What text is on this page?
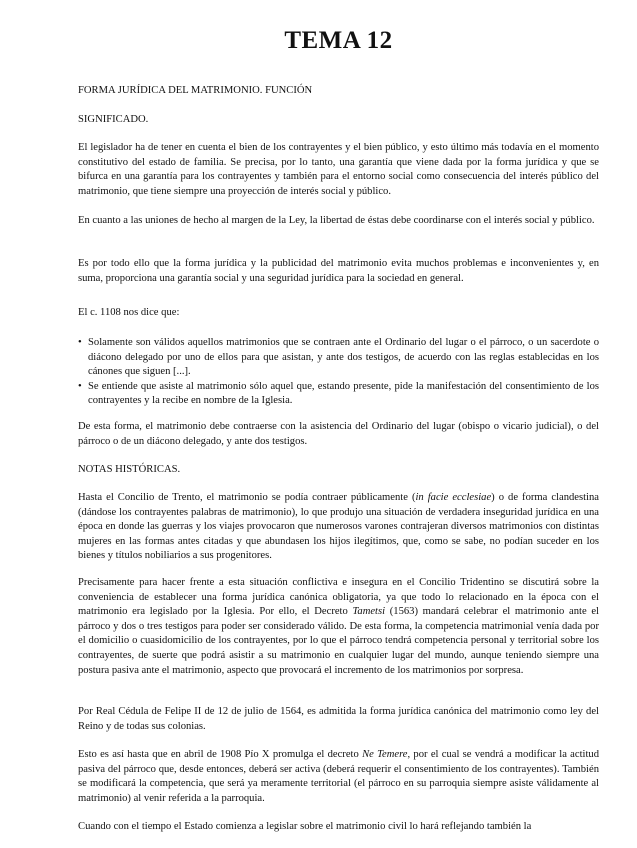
TEMA 12

FORMA JURÍDICA DEL MATRIMONIO. FUNCIÓN

SIGNIFICADO.

El legislador ha de tener en cuenta el bien de los contrayentes y el bien público, y esto último más todavía en el momento constitutivo del estado de familia. Se precisa, por lo tanto, una garantía que viene dada por la forma jurídica y que se bifurca en una garantía para los contrayentes y también para el entorno social como consecuencia del interés público del matrimonio, que tiene siempre una proyección de interés social y público.

En cuanto a las uniones de hecho al margen de la Ley, la libertad de éstas debe coordinarse con el interés social y público.

Es por todo ello que la forma jurídica y la publicidad del matrimonio evita muchos problemas e inconvenientes y, en suma, proporciona una garantía social y una seguridad jurídica para la sociedad en general.

El c. 1108 nos dice que:

• Solamente son válidos aquellos matrimonios que se contraen ante el Ordinario del lugar o el párroco, o un sacerdote o diácono delegado por uno de ellos para que asistan, y ante dos testigos, de acuerdo con las reglas establecidas en los cánones que siguen [...].
• Se entiende que asiste al matrimonio sólo aquel que, estando presente, pide la manifestación del consentimiento de los contrayentes y la recibe en nombre de la Iglesia.

De esta forma, el matrimonio debe contraerse con la asistencia del Ordinario del lugar (obispo o vicario judicial), o del párroco o de un diácono delegado, y ante dos testigos.

NOTAS HISTÓRICAS.

Hasta el Concilio de Trento, el matrimonio se podía contraer públicamente (in facie ecclesiae) o de forma clandestina (dándose los contrayentes palabras de matrimonio), lo que produjo una situación de verdadera inseguridad jurídica en una época en donde las guerras y los viajes provocaron que numerosos varones contrajeran diversos matrimonios con distintas mujeres en las formas antes citadas y que abundasen los hijos ilegítimos, que, como se sabe, no podían suceder en los bienes y títulos nobiliarios a sus progenitores.

Precisamente para hacer frente a esta situación conflictiva e insegura en el Concilio Tridentino se discutirá sobre la conveniencia de establecer una forma jurídica canónica obligatoria, ya que todo lo relacionado en la época con el matrimonio era legislado por la Iglesia. Por ello, el Decreto Tametsi (1563) mandará celebrar el matrimonio ante el párroco y dos o tres testigos para poder ser considerado válido. De esta forma, la competencia matrimonial venía dada por el domicilio o cuasidomicilio de los contrayentes, por lo que el párroco tendrá competencia personal y territorial sobre los contrayentes, de suerte que podrá asistir a su matrimonio en cualquier lugar del mundo, aunque teniendo siempre una postura pasiva ante el matrimonio, aspecto que provocará el incremento de los matrimonios por sorpresa.

Por Real Cédula de Felipe II de 12 de julio de 1564, es admitida la forma jurídica canónica del matrimonio como ley del Reino y de todas sus colonias.

Esto es así hasta que en abril de 1908 Pío X promulga el decreto Ne Temere, por el cual se vendrá a modificar la actitud pasiva del párroco que, desde entonces, deberá ser activa (deberá requerir el consentimiento de los contrayentes). También se modificará la competencia, que será ya meramente territorial (el párroco en su parroquia siempre asiste válidamente al matrimonio) al venir referida a la parroquia.

Cuando con el tiempo el Estado comienza a legislar sobre el matrimonio civil lo hará reflejando también la
